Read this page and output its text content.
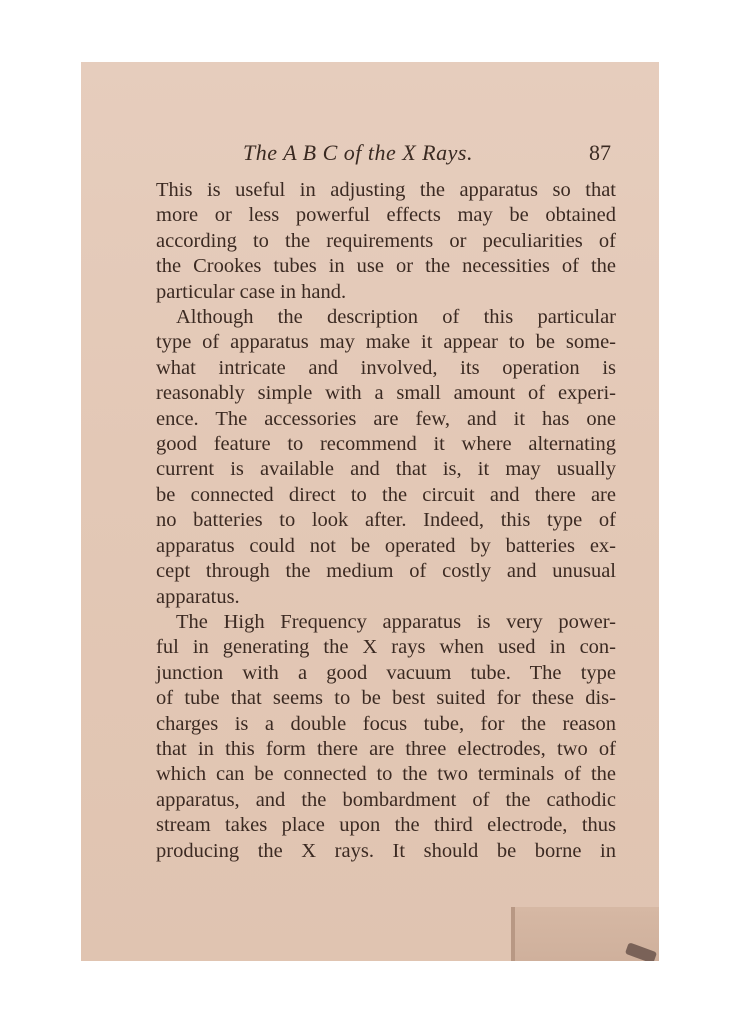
The A B C of the X Rays.	87
This is useful in adjusting the apparatus so that
more or less powerful effects may be obtained
according to the requirements or peculiarities of
the Crookes tubes in use or the necessities of the
particular case in hand.
Although the description of this particular
type of apparatus may make it appear to be some-
what intricate and involved, its operation is
reasonably simple with a small amount of experi-
ence. The accessories are few, and it has one
good feature to recommend it where alternating
current is available and that is, it may usually
be connected direct to the circuit and there are
no batteries to look after. Indeed, this type of
apparatus could not be operated by batteries ex-
cept through the medium of costly and unusual
apparatus.
The High Frequency apparatus is very power-
ful in generating the X rays when used in con-
junction with a good vacuum tube. The type
of tube that seems to be best suited for these dis-
charges is a double focus tube, for the reason
that in this form there are three electrodes, two of
which can be connected to the two terminals of the
apparatus, and the bombardment of the cathodic
stream takes place upon the third electrode, thus
producing the X rays. It should be borne in
